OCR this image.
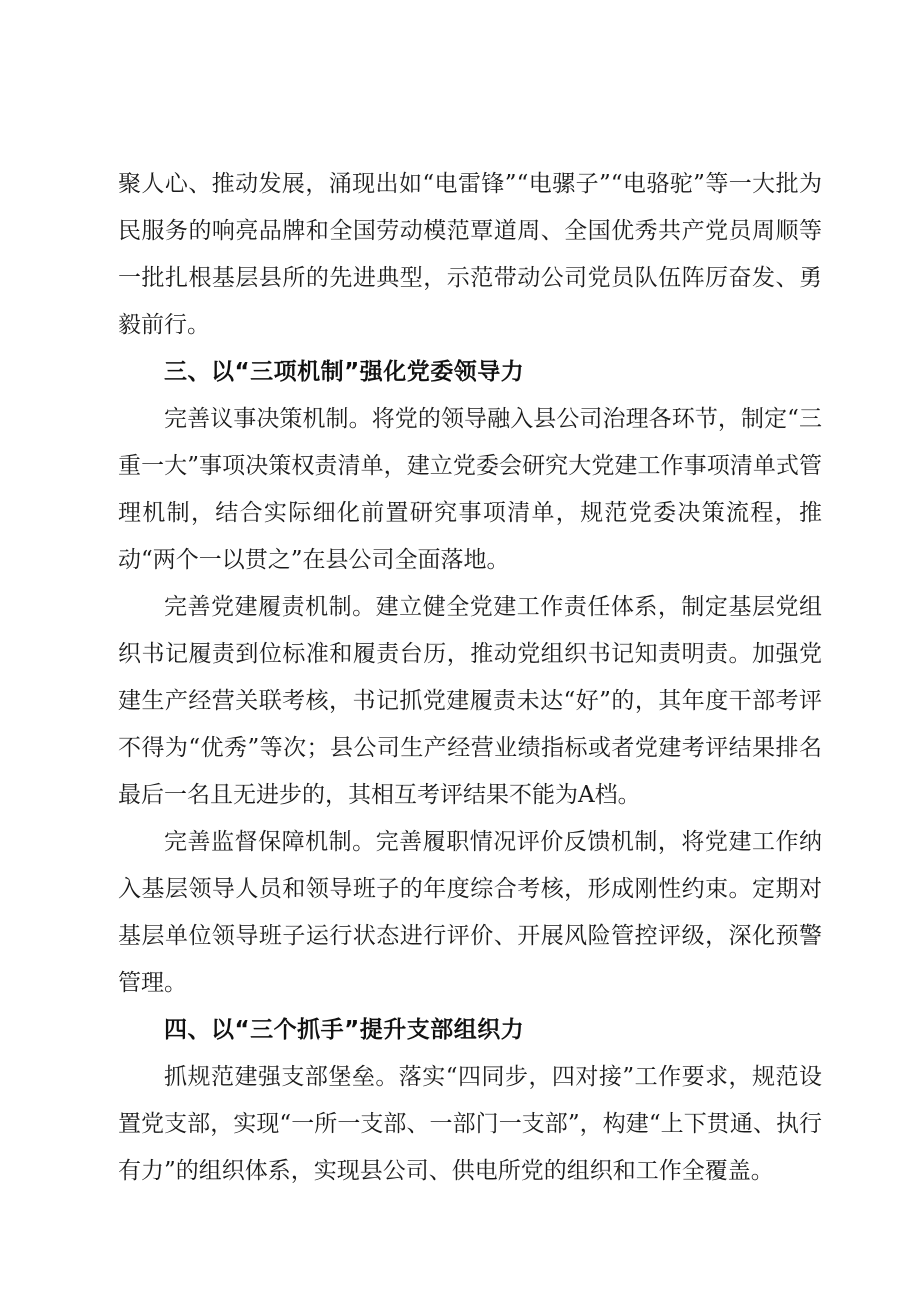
聚人心、推动发展，涌现出如“电雷锋”“电骡子”“电骆驼”等一大批为民服务的响亮品牌和全国劳动模范覃道周、全国优秀共产党员周顺等一批扎根基层县所的先进典型，示范带动公司党员队伍阵厉奋发、勇毅前行。

三、以“三项机制”强化党委领导力

完善议事决策机制。将党的领导融入县公司治理各环节，制定“三重一大”事项决策权责清单，建立党委会研究大党建工作事项清单式管理机制，结合实际细化前置研究事项清单，规范党委决策流程，推动“两个一以贯之”在县公司全面落地。

完善党建履责机制。建立健全党建工作责任体系，制定基层党组织书记履责到位标准和履责台历，推动党组织书记知责明责。加强党建生产经营关联考核，书记抓党建履责未达“好”的，其年度干部考评不得为“优秀”等次；县公司生产经营业绩指标或者党建考评结果排名最后一名且无进步的，其相互考评结果不能为A档。

完善监督保障机制。完善履职情况评价反馈机制，将党建工作纳入基层领导人员和领导班子的年度综合考核，形成刚性约束。定期对基层单位领导班子运行状态进行评价、开展风险管控评级，深化预警管理。

四、以“三个抓手”提升支部组织力

抓规范建强支部堡垒。落实“四同步，四对接”工作要求，规范设置党支部，实现“一所一支部、一部门一支部”，构建“上下贯通、执行有力”的组织体系，实现县公司、供电所党的组织和工作全覆盖。
